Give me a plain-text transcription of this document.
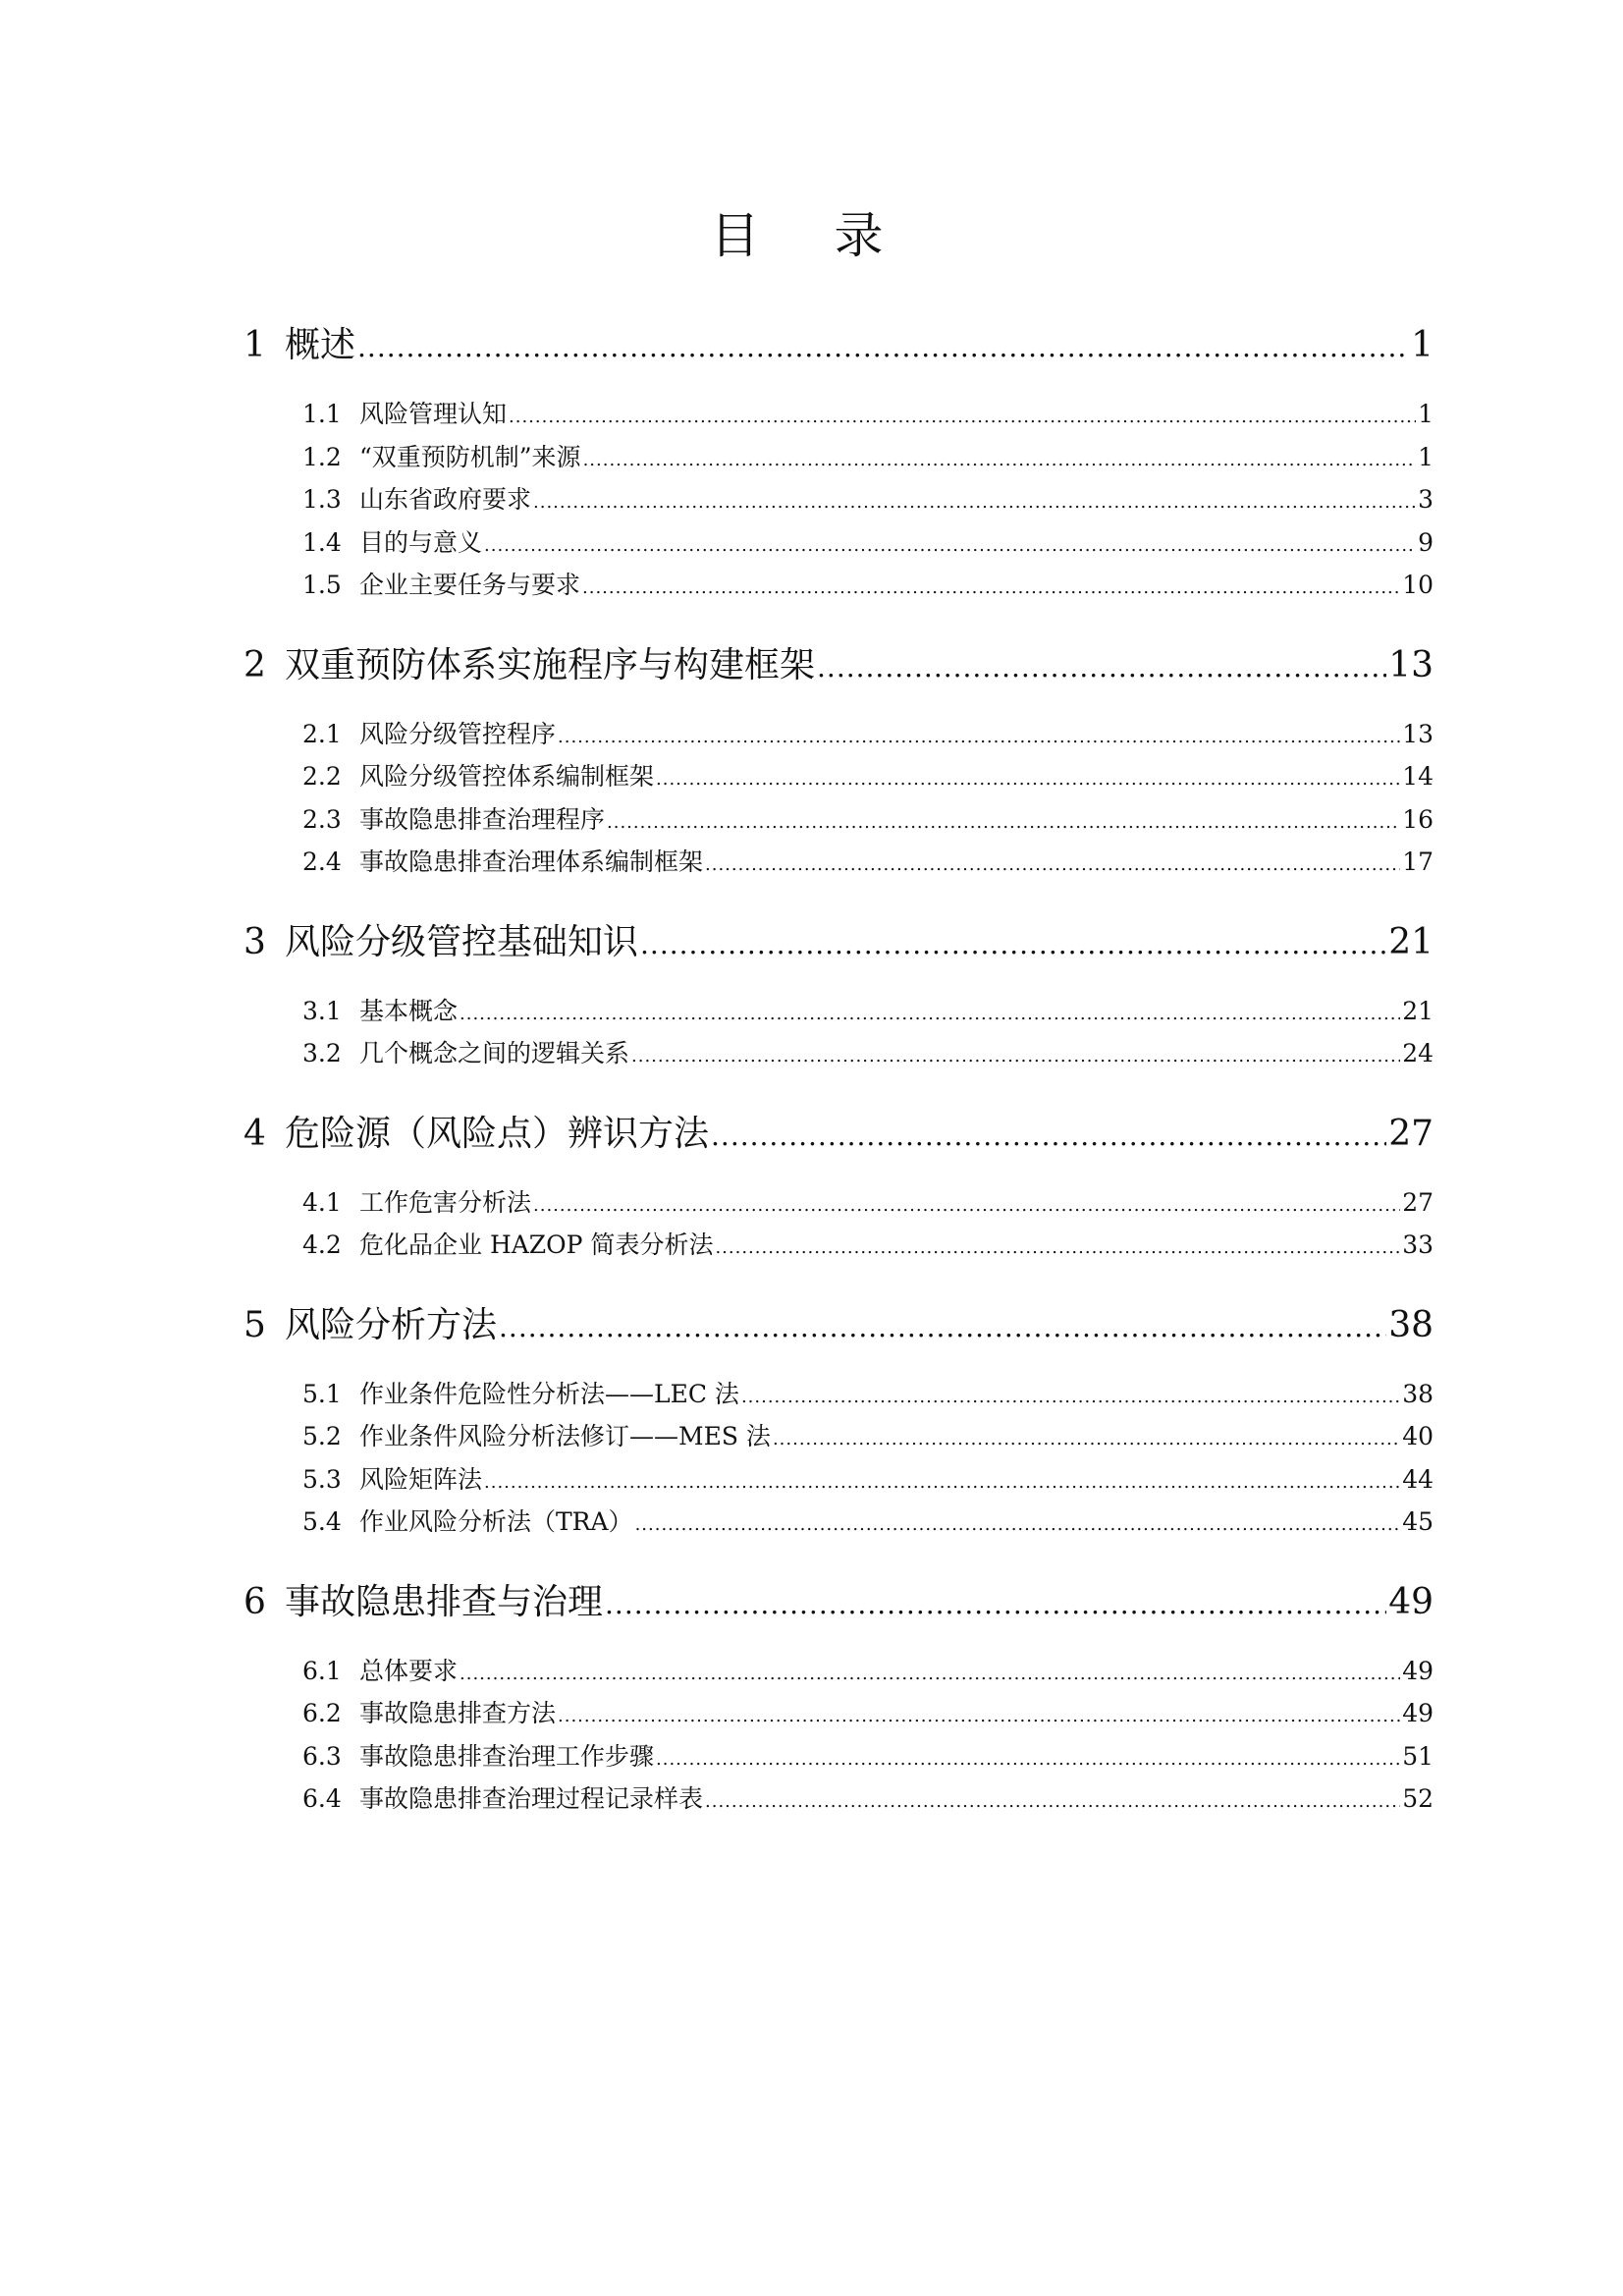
目 录
1 概述 .....	1
1.1 风险管理认知 .....	1
1.2 “双重预防机制”来源 .....	1
1.3 山东省政府要求 .....	3
1.4 目的与意义 .....	9
1.5 企业主要任务与要求 .....	10
2 双重预防体系实施程序与构建框架 .....	13
2.1 风险分级管控程序 .....	13
2.2 风险分级管控体系编制框架 .....	14
2.3 事故隐患排查治理程序 .....	16
2.4 事故隐患排查治理体系编制框架 .....	17
3 风险分级管控基础知识 .....	21
3.1 基本概念 .....	21
3.2 几个概念之间的逻辑关系 .....	24
4 危险源（风险点）辨识方法 .....	27
4.1 工作危害分析法 .....	27
4.2 危化品企业 HAZOP 简表分析法 .....	33
5 风险分析方法 .....	38
5.1 作业条件危险性分析法——LEC 法 .....	38
5.2 作业条件风险分析法修订——MES 法 .....	40
5.3 风险矩阵法 .....	44
5.4 作业风险分析法（TRA） .....	45
6 事故隐患排查与治理 .....	49
6.1 总体要求 .....	49
6.2 事故隐患排查方法 .....	49
6.3 事故隐患排查治理工作步骤 .....	51
6.4 事故隐患排查治理过程记录样表 .....	52
